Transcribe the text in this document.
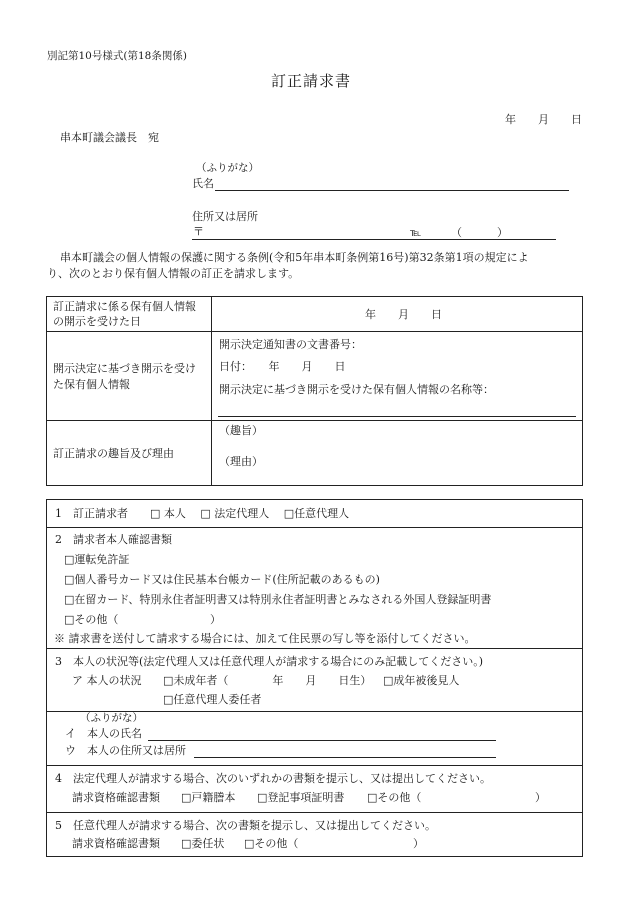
別記第10号様式(第18条関係)
訂正請求書
年　　月　　日
串本町議会議長　宛
（ふりがな）
氏名
住所又は居所
〒	℡	（	）
串本町議会の個人情報の保護に関する条例(令和5年串本町条例第16号)第32条第1項の規定によ
り、次のとおり保有個人情報の訂正を請求します。
訂正請求に係る保有個人情報
の開示を受けた日
年　　月　　日
開示決定に基づき開示を受け
た保有個人情報
開示決定通知書の文書番号：
日付：　　年　　月　　日
開示決定に基づき開示を受けた保有個人情報の名称等：
訂正請求の趣旨及び理由
（趣旨）
（理由）
1　訂正請求者　　□ 本人　 □ 法定代理人　 □任意代理人
2　請求者本人確認書類
□運転免許証
□個人番号カード又は住民基本台帳カード(住所記載のあるもの)
□在留カード、特別永住者証明書又は特別永住者証明書とみなされる外国人登録証明書
□その他（	）
※ 請求書を送付して請求する場合には、加えて住民票の写し等を添付してください。
3　本人の状況等(法定代理人又は任意代理人が請求する場合にのみ記載してください。)
ア 本人の状況 □未成年者（　　　　年　　月　　日生） □成年被後見人
□任意代理人委任者
（ふりがな）
イ　本人の氏名
ウ　本人の住所又は居所
4　法定代理人が請求する場合、次のいずれかの書類を提示し、又は提出してください。
請求資格確認書類 □戸籍謄本 □登記事項証明書 □その他（	）
5　任意代理人が請求する場合、次の書類を提示し、又は提出してください。
請求資格確認書類 □委任状 □その他（	）
